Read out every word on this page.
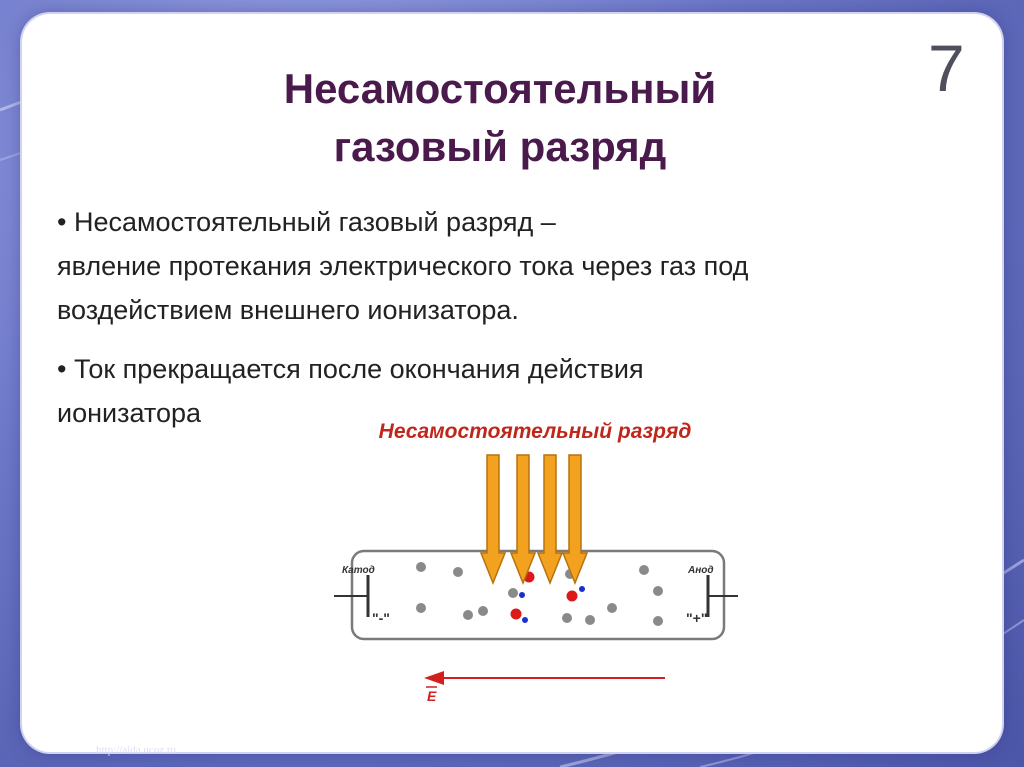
7
Несамостоятельный
газовый разряд
• Несамостоятельный газовый разряд –
явление протекания электрического тока через газ под
воздействием внешнего ионизатора.
• Ток прекращается после окончания действия
ионизатора
Несамостоятельный разряд
Катод	Анод
"-"	"+"
E
http://aida.ucoz.ru
